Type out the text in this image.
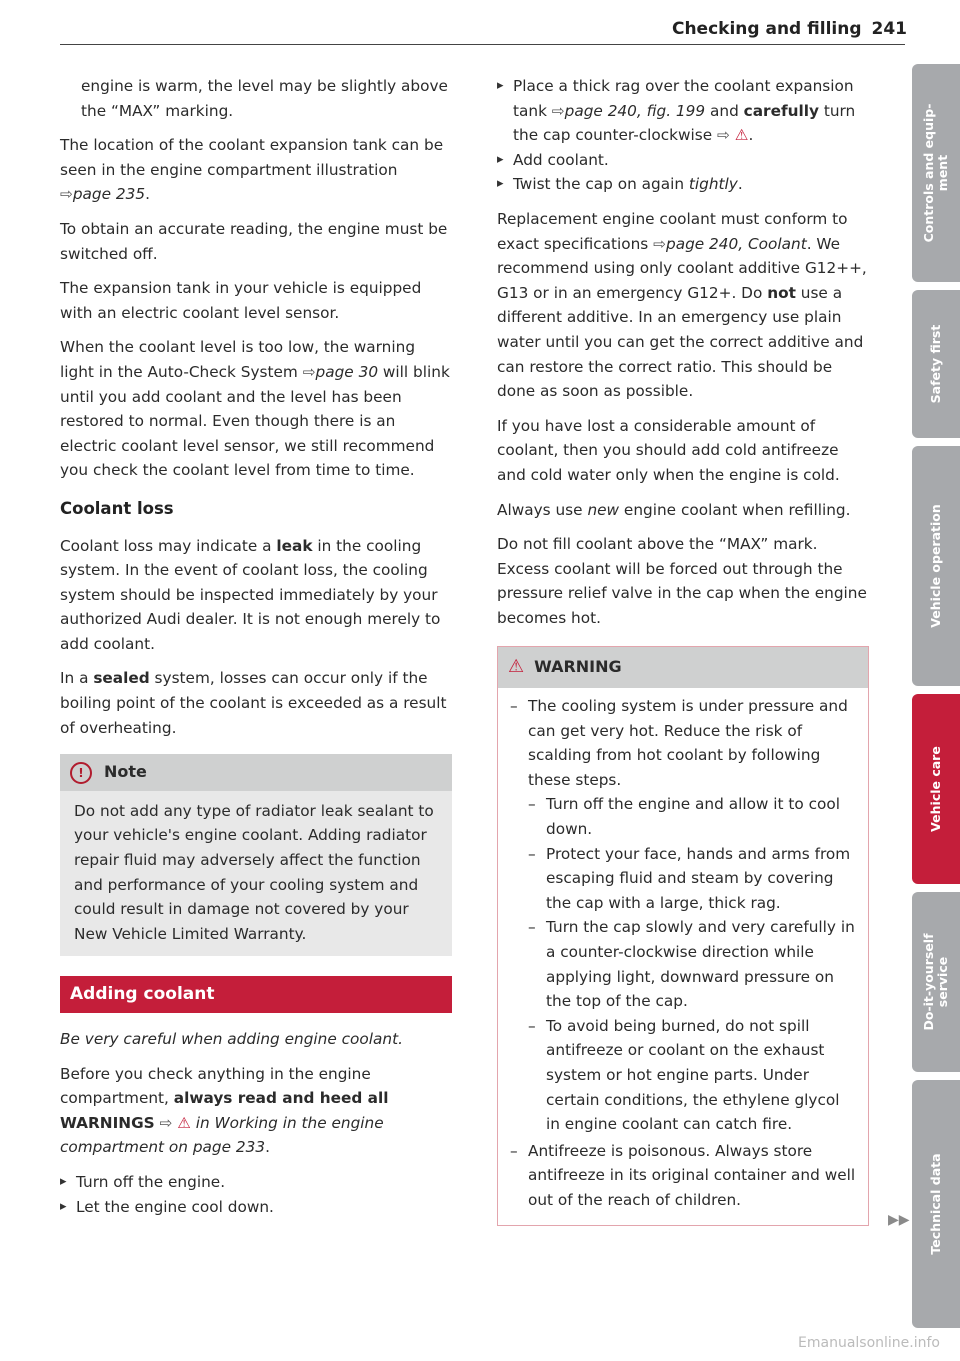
Checking and filling 241

engine is warm, the level may be slightly above the “MAX” marking.

The location of the coolant expansion tank can be seen in the engine compartment illustration ⇨page 235.

To obtain an accurate reading, the engine must be switched off.

The expansion tank in your vehicle is equipped with an electric coolant level sensor.

When the coolant level is too low, the warning light in the Auto-Check System ⇨page 30 will blink until you add coolant and the level has been restored to normal. Even though there is an electric coolant level sensor, we still recommend you check the coolant level from time to time.

Coolant loss

Coolant loss may indicate a leak in the cooling system. In the event of coolant loss, the cooling system should be inspected immediately by your authorized Audi dealer. It is not enough merely to add coolant.

In a sealed system, losses can occur only if the boiling point of the coolant is exceeded as a result of overheating.

!	Note
Do not add any type of radiator leak sealant to your vehicle's engine coolant. Adding radiator repair fluid may adversely affect the function and performance of your cooling system and could result in damage not covered by your New Vehicle Limited Warranty.
Adding coolant

Be very careful when adding engine coolant.

Before you check anything in the engine compartment, always read and heed all WARNINGS ⇨ ⚠ in Working in the engine compartment on page 233.

▸ Turn off the engine.
▸ Let the engine cool down.
▸ Place a thick rag over the coolant expansion tank ⇨page 240, fig. 199 and carefully turn the cap counter-clockwise ⇨ ⚠.
▸ Add coolant.
▸ Twist the cap on again tightly.

Replacement engine coolant must conform to exact specifications ⇨page 240, Coolant. We recommend using only coolant additive G12++, G13 or in an emergency G12+. Do not use a different additive. In an emergency use plain water until you can get the correct additive and can restore the correct ratio. This should be done as soon as possible.

If you have lost a considerable amount of coolant, then you should add cold antifreeze and cold water only when the engine is cold.

Always use new engine coolant when refilling.

Do not fill coolant above the “MAX” mark. Excess coolant will be forced out through the pressure relief valve in the cap when the engine becomes hot.

⚠ WARNING
– The cooling system is under pressure and can get very hot. Reduce the risk of scalding from hot coolant by following these steps.
– Turn off the engine and allow it to cool down.
– Protect your face, hands and arms from escaping fluid and steam by covering the cap with a large, thick rag.
– Turn the cap slowly and very carefully in a counter-clockwise direction while applying light, downward pressure on the top of the cap.
– To avoid being burned, do not spill antifreeze or coolant on the exhaust system or hot engine parts. Under certain conditions, the ethylene glycol in engine coolant can catch fire.
– Antifreeze is poisonous. Always store antifreeze in its original container and well out of the reach of children.
▶▶
Controls and equip-
ment
Safety first
Vehicle operation
Vehicle care
Do-it-yourself
service
Technical data
Emanualsonline.info
